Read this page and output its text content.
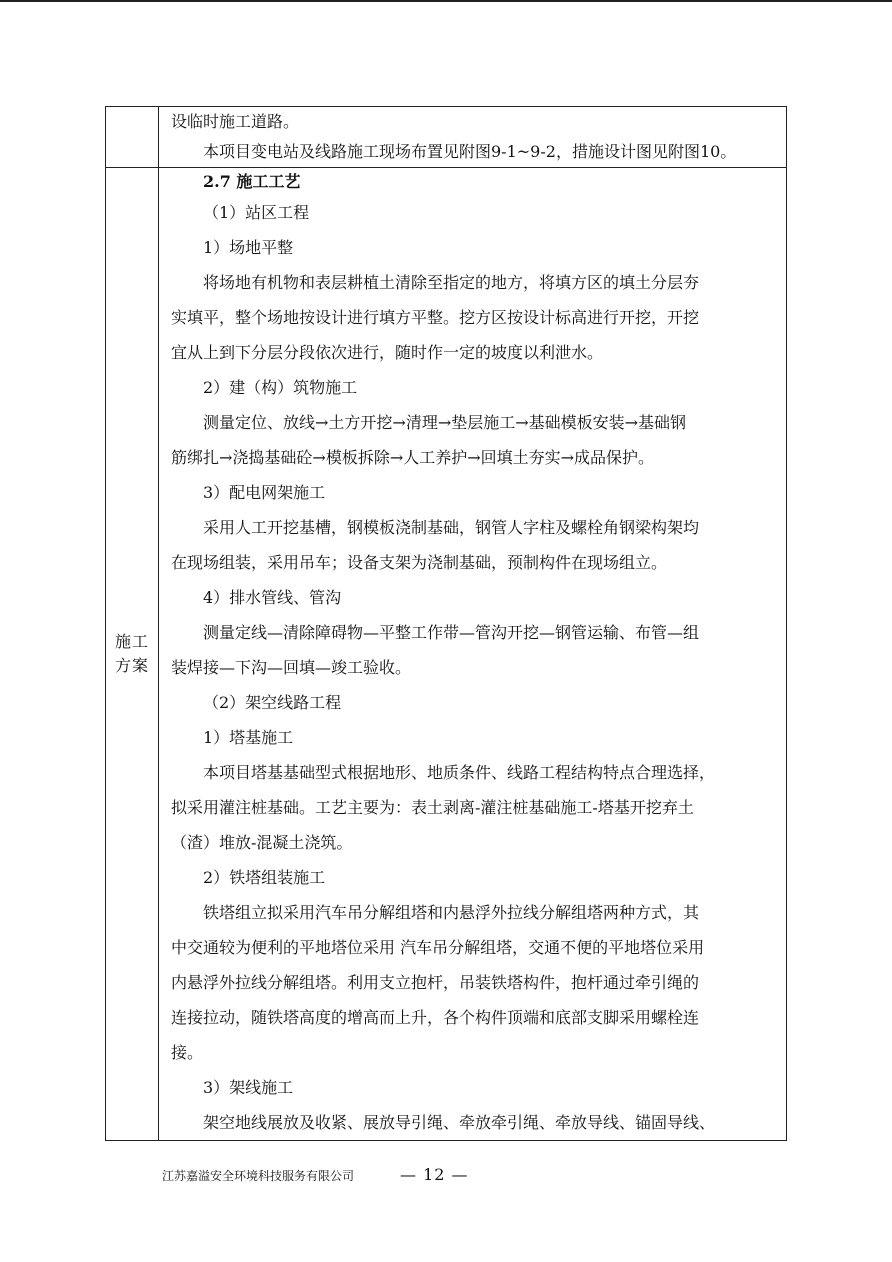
设临时施工道路。
本项目变电站及线路施工现场布置见附图9-1~9-2，措施设计图见附图10。
施工方案
2.7 施工工艺
（1）站区工程
1）场地平整
将场地有机物和表层耕植土清除至指定的地方，将填方区的填土分层夯
实填平，整个场地按设计进行填方平整。挖方区按设计标高进行开挖，开挖
宜从上到下分层分段依次进行，随时作一定的坡度以利泄水。
2）建（构）筑物施工
测量定位、放线→土方开挖→清理→垫层施工→基础模板安装→基础钢
筋绑扎→浇捣基础砼→模板拆除→人工养护→回填土夯实→成品保护。
3）配电网架施工
采用人工开挖基槽，钢模板浇制基础，钢管人字柱及螺栓角钢梁构架均
在现场组装，采用吊车；设备支架为浇制基础，预制构件在现场组立。
4）排水管线、管沟
测量定线—清除障碍物—平整工作带—管沟开挖—钢管运输、布管—组
装焊接—下沟—回填—竣工验收。
（2）架空线路工程
1）塔基施工
本项目塔基基础型式根据地形、地质条件、线路工程结构特点合理选择，
拟采用灌注桩基础。工艺主要为：表土剥离-灌注桩基础施工-塔基开挖弃土
（渣）堆放-混凝土浇筑。
2）铁塔组装施工
铁塔组立拟采用汽车吊分解组塔和内悬浮外拉线分解组塔两种方式，其
中交通较为便利的平地塔位采用 汽车吊分解组塔，交通不便的平地塔位采用
内悬浮外拉线分解组塔。利用支立抱杆，吊装铁塔构件，抱杆通过牵引绳的
连接拉动，随铁塔高度的增高而上升，各个构件顶端和底部支脚采用螺栓连
接。
3）架线施工
架空地线展放及收紧、展放导引绳、牵放牵引绳、牵放导线、锚固导线、
江苏嘉溢安全环境科技服务有限公司	— 12 —
